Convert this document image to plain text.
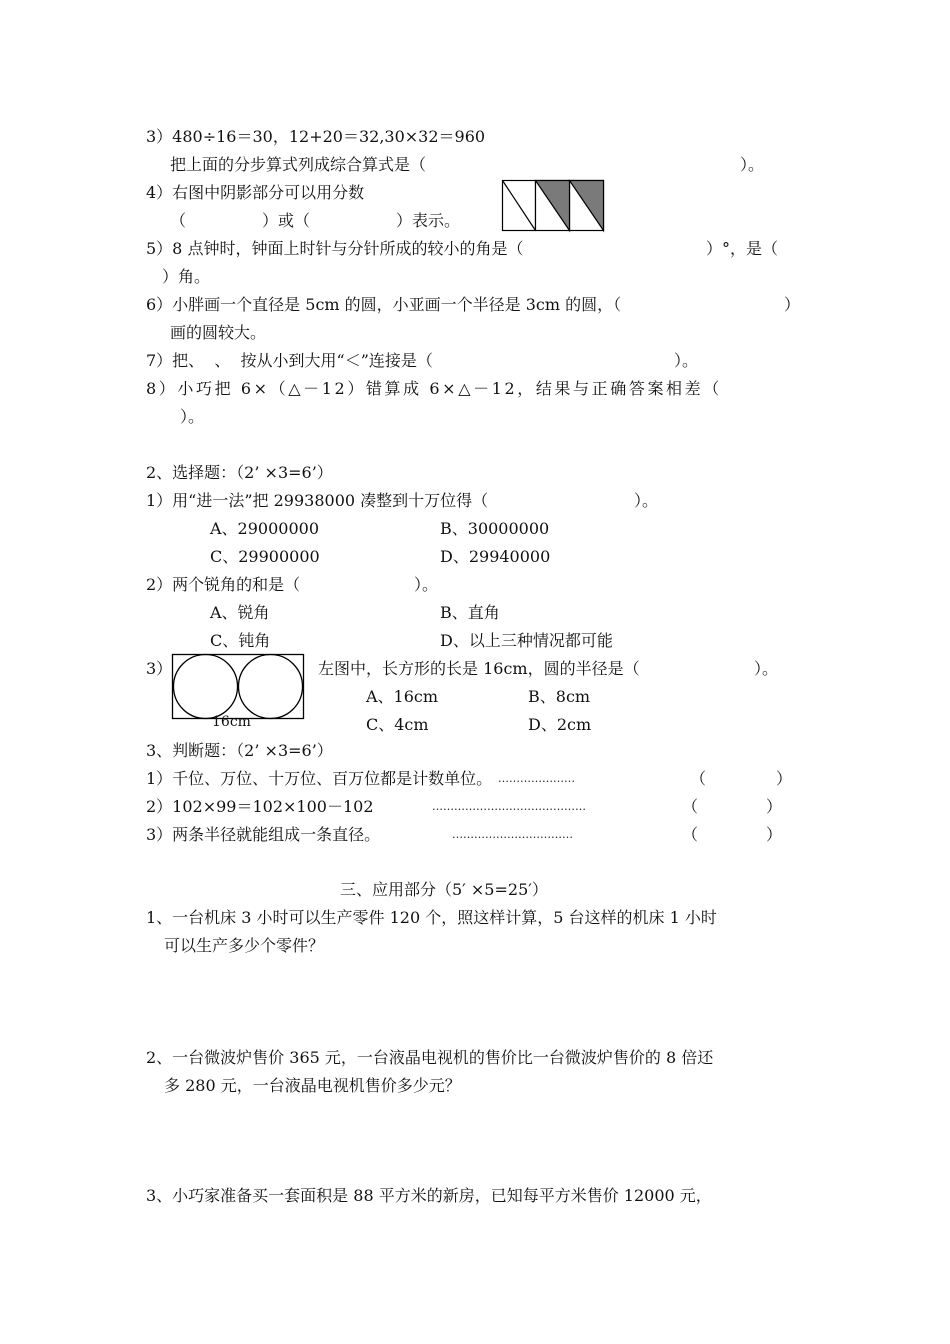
3）480÷16＝30，12+20＝32,30×32＝960
把上面的分步算式列成综合算式是（	）。
4）右图中阴影部分可以用分数
（	）或（	）表示。
5）8 点钟时，钟面上时针与分针所成的较小的角是（	）°，是（
）角。
6）小胖画一个直径是 5cm 的圆，小亚画一个半径是 3cm 的圆，（	）
画的圆较大。
7）把、  、  按从小到大用“＜”连接是（	）。
8）小巧把 6×（△－12）错算成 6×△－12，结果与正确答案相差（
）。
2、选择题：（2’ ×3=6’）
1）用“进一法”把 29938000 凑整到十万位得（	）。
A、29000000	B、30000000
C、29900000	D、29940000
2）两个锐角的和是（	）。
A、锐角	B、直角
C、钝角	D、以上三种情况都可能
3）
16cm
左图中，长方形的长是 16cm，圆的半径是（	）。
A、16cm	B、8cm
C、4cm	D、2cm
3、判断题：（2’ ×3=6’）
1）千位、万位、十万位、百万位都是计数单位。 …………………	（	）
2）102×99＝102×100－102	……………………………………	（	）
3）两条半径就能组成一条直径。	……………………………	（	）
三、应用部分（5′ ×5=25′）
1、一台机床 3 小时可以生产零件 120 个，照这样计算，5 台这样的机床 1 小时
可以生产多少个零件？
2、一台微波炉售价 365 元，一台液晶电视机的售价比一台微波炉售价的 8 倍还
多 280 元，一台液晶电视机售价多少元？
3、小巧家准备买一套面积是 88 平方米的新房，已知每平方米售价 12000 元，
